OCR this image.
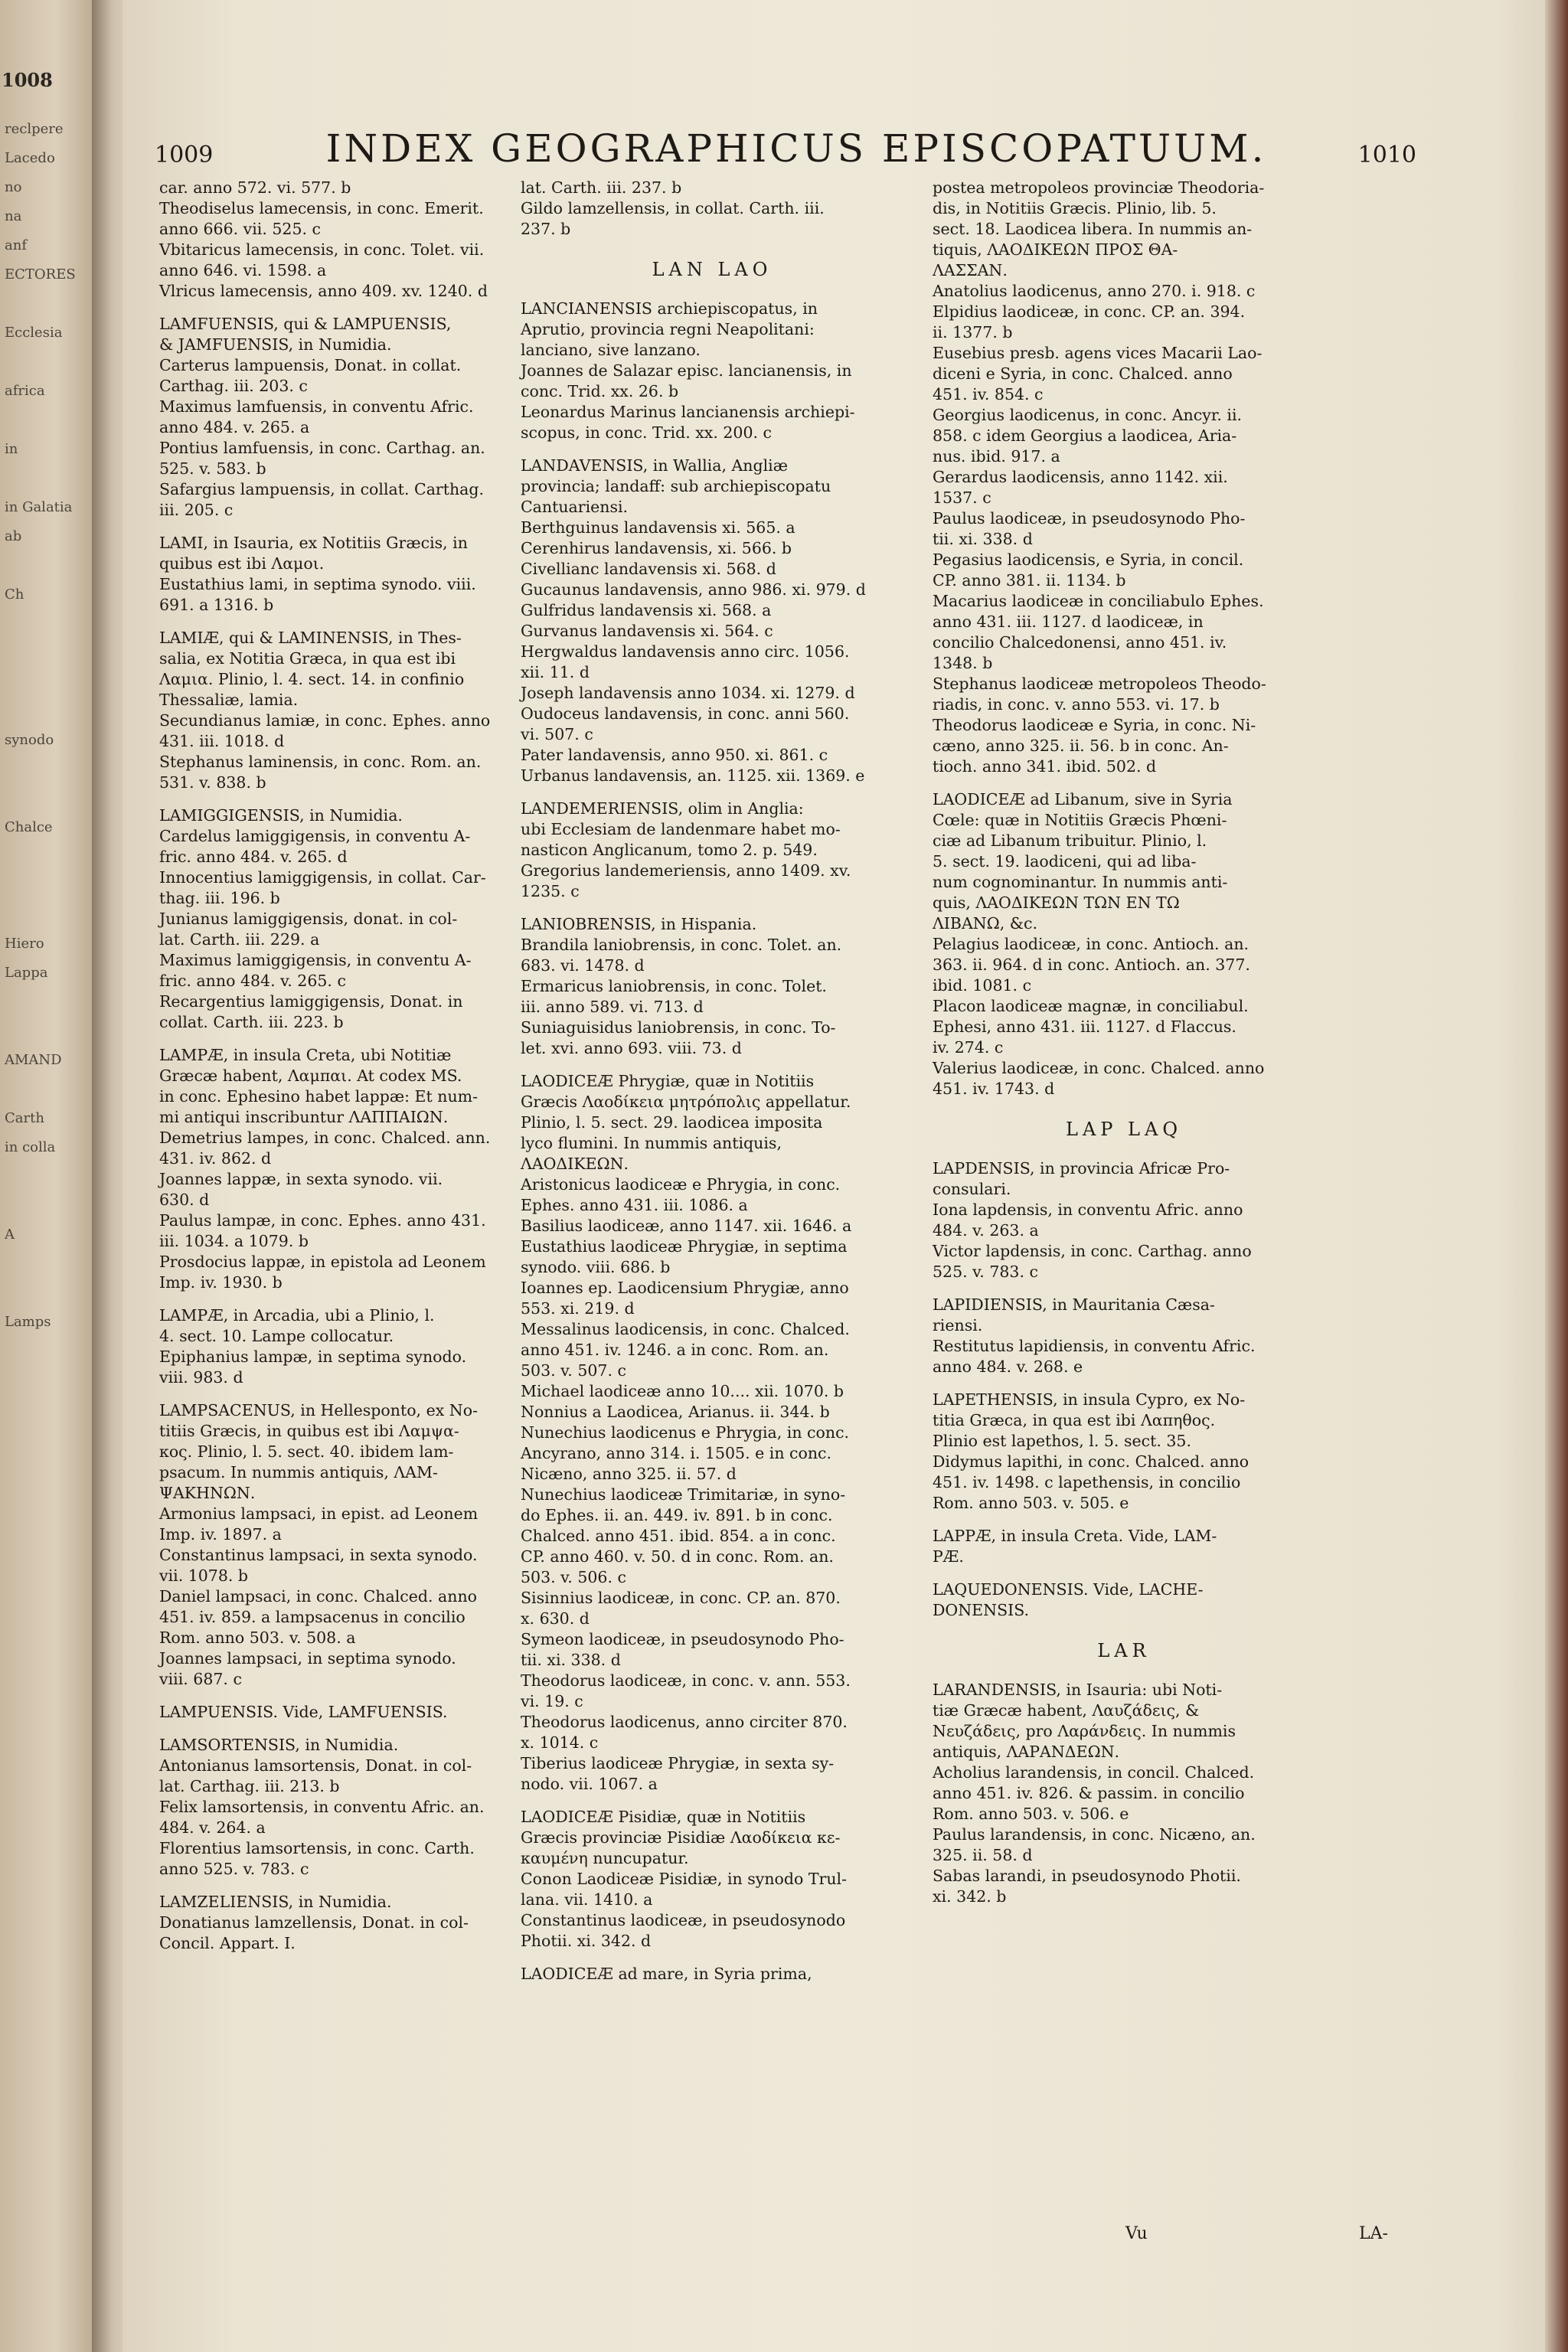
1008
reclpere
Lacedo
no
na
anf
ECTORES

Ecclesia

africa

in

in Galatia
ab

Ch

synodo

Chalce

Hiero
Lappa

AMAND

Carth
in colla

A

Lamps

1009	INDEX GEOGRAPHICUS EPISCOPATUUM.	1010
car. anno 572. vi. 577. b
Theodiselus lamecensis, in conc. Emerit.
anno 666. vii. 525. c
Vbitaricus lamecensis, in conc. Tolet. vii.
anno 646. vi. 1598. a
Vlricus lamecensis, anno 409. xv. 1240. d
LAMFUENSIS, qui & LAMPUENSIS,
& JAMFUENSIS, in Numidia.
Carterus lampuensis, Donat. in collat.
Carthag. iii. 203. c
Maximus lamfuensis, in conventu Afric.
anno 484. v. 265. a
Pontius lamfuensis, in conc. Carthag. an.
525. v. 583. b
Safargius lampuensis, in collat. Carthag.
iii. 205. c
LAMI, in Isauria, ex Notitiis Græcis, in
quibus est ibi Λαμοι.
Eustathius lami, in septima synodo. viii.
691. a 1316. b
LAMIÆ, qui & LAMINENSIS, in Thes-
salia, ex Notitia Græca, in qua est ibi
Λαμια. Plinio, l. 4. sect. 14. in confinio
Thessaliæ, lamia.
Secundianus lamiæ, in conc. Ephes. anno
431. iii. 1018. d
Stephanus laminensis, in conc. Rom. an.
531. v. 838. b
LAMIGGIGENSIS, in Numidia.
Cardelus lamiggigensis, in conventu A-
fric. anno 484. v. 265. d
Innocentius lamiggigensis, in collat. Car-
thag. iii. 196. b
Junianus lamiggigensis, donat. in col-
lat. Carth. iii. 229. a
Maximus lamiggigensis, in conventu A-
fric. anno 484. v. 265. c
Recargentius lamiggigensis, Donat. in
collat. Carth. iii. 223. b
LAMPÆ, in insula Creta, ubi Notitiæ
Græcæ habent, Λαμπαι. At codex MS.
in conc. Ephesino habet lappæ: Et num-
mi antiqui inscribuntur ΛΑΠΠΑΙΩΝ.
Demetrius lampes, in conc. Chalced. ann.
431. iv. 862. d
Joannes lappæ, in sexta synodo. vii.
630. d
Paulus lampæ, in conc. Ephes. anno 431.
iii. 1034. a 1079. b
Prosdocius lappæ, in epistola ad Leonem
Imp. iv. 1930. b
LAMPÆ, in Arcadia, ubi a Plinio, l.
4. sect. 10. Lampe collocatur.
Epiphanius lampæ, in septima synodo.
viii. 983. d
LAMPSACENUS, in Hellesponto, ex No-
titiis Græcis, in quibus est ibi Λαμψα-
κος. Plinio, l. 5. sect. 40. ibidem lam-
psacum. In nummis antiquis, ΛΑΜ-
ΨΑΚΗΝΩΝ.
Armonius lampsaci, in epist. ad Leonem
Imp. iv. 1897. a
Constantinus lampsaci, in sexta synodo.
vii. 1078. b
Daniel lampsaci, in conc. Chalced. anno
451. iv. 859. a lampsacenus in concilio
Rom. anno 503. v. 508. a
Joannes lampsaci, in septima synodo.
viii. 687. c
LAMPUENSIS. Vide, LAMFUENSIS.
LAMSORTENSIS, in Numidia.
Antonianus lamsortensis, Donat. in col-
lat. Carthag. iii. 213. b
Felix lamsortensis, in conventu Afric. an.
484. v. 264. a
Florentius lamsortensis, in conc. Carth.
anno 525. v. 783. c
LAMZELIENSIS, in Numidia.
Donatianus lamzellensis, Donat. in col-
Concil. Appart. I.
lat. Carth. iii. 237. b
Gildo lamzellensis, in collat. Carth. iii.
237. b
LAN LAO
LANCIANENSIS archiepiscopatus, in
Aprutio, provincia regni Neapolitani:
lanciano, sive lanzano.
Joannes de Salazar episc. lancianensis, in
conc. Trid. xx. 26. b
Leonardus Marinus lancianensis archiepi-
scopus, in conc. Trid. xx. 200. c
LANDAVENSIS, in Wallia, Angliæ
provincia; landaff: sub archiepiscopatu
Cantuariensi.
Berthguinus landavensis xi. 565. a
Cerenhirus landavensis, xi. 566. b
Civellianc landavensis xi. 568. d
Gucaunus landavensis, anno 986. xi. 979. d
Gulfridus landavensis xi. 568. a
Gurvanus landavensis xi. 564. c
Hergwaldus landavensis anno circ. 1056.
xii. 11. d
Joseph landavensis anno 1034. xi. 1279. d
Oudoceus landavensis, in conc. anni 560.
vi. 507. c
Pater landavensis, anno 950. xi. 861. c
Urbanus landavensis, an. 1125. xii. 1369. e
LANDEMERIENSIS, olim in Anglia:
ubi Ecclesiam de landenmare habet mo-
nasticon Anglicanum, tomo 2. p. 549.
Gregorius landemeriensis, anno 1409. xv.
1235. c
LANIOBRENSIS, in Hispania.
Brandila laniobrensis, in conc. Tolet. an.
683. vi. 1478. d
Ermaricus laniobrensis, in conc. Tolet.
iii. anno 589. vi. 713. d
Suniaguisidus laniobrensis, in conc. To-
let. xvi. anno 693. viii. 73. d
LAODICEÆ Phrygiæ, quæ in Notitiis
Græcis Λαοδίκεια μητρόπολις appellatur.
Plinio, l. 5. sect. 29. laodicea imposita
lyco flumini. In nummis antiquis,
ΛΑΟΔΙΚΕΩΝ.
Aristonicus laodiceæ e Phrygia, in conc.
Ephes. anno 431. iii. 1086. a
Basilius laodiceæ, anno 1147. xii. 1646. a
Eustathius laodiceæ Phrygiæ, in septima
synodo. viii. 686. b
Ioannes ep. Laodicensium Phrygiæ, anno
553. xi. 219. d
Messalinus laodicensis, in conc. Chalced.
anno 451. iv. 1246. a in conc. Rom. an.
503. v. 507. c
Michael laodiceæ anno 10.... xii. 1070. b
Nonnius a Laodicea, Arianus. ii. 344. b
Nunechius laodicenus e Phrygia, in conc.
Ancyrano, anno 314. i. 1505. e in conc.
Nicæno, anno 325. ii. 57. d
Nunechius laodiceæ Trimitariæ, in syno-
do Ephes. ii. an. 449. iv. 891. b in conc.
Chalced. anno 451. ibid. 854. a in conc.
CP. anno 460. v. 50. d in conc. Rom. an.
503. v. 506. c
Sisinnius laodiceæ, in conc. CP. an. 870.
x. 630. d
Symeon laodiceæ, in pseudosynodo Pho-
tii. xi. 338. d
Theodorus laodiceæ, in conc. v. ann. 553.
vi. 19. c
Theodorus laodicenus, anno circiter 870.
x. 1014. c
Tiberius laodiceæ Phrygiæ, in sexta sy-
nodo. vii. 1067. a
LAODICEÆ Pisidiæ, quæ in Notitiis
Græcis provinciæ Pisidiæ Λαοδίκεια κε-
καυμένη nuncupatur.
Conon Laodiceæ Pisidiæ, in synodo Trul-
lana. vii. 1410. a
Constantinus laodiceæ, in pseudosynodo
Photii. xi. 342. d
LAODICEÆ ad mare, in Syria prima,
postea metropoleos provinciæ Theodoria-
dis, in Notitiis Græcis. Plinio, lib. 5.
sect. 18. Laodicea libera. In nummis an-
tiquis, ΛΑΟΔΙΚΕΩΝ ΠΡΟΣ ΘΑ-
ΛΑΣΣΑΝ.
Anatolius laodicenus, anno 270. i. 918. c
Elpidius laodiceæ, in conc. CP. an. 394.
ii. 1377. b
Eusebius presb. agens vices Macarii Lao-
diceni e Syria, in conc. Chalced. anno
451. iv. 854. c
Georgius laodicenus, in conc. Ancyr. ii.
858. c idem Georgius a laodicea, Aria-
nus. ibid. 917. a
Gerardus laodicensis, anno 1142. xii.
1537. c
Paulus laodiceæ, in pseudosynodo Pho-
tii. xi. 338. d
Pegasius laodicensis, e Syria, in concil.
CP. anno 381. ii. 1134. b
Macarius laodiceæ in conciliabulo Ephes.
anno 431. iii. 1127. d laodiceæ, in
concilio Chalcedonensi, anno 451. iv.
1348. b
Stephanus laodiceæ metropoleos Theodo-
riadis, in conc. v. anno 553. vi. 17. b
Theodorus laodiceæ e Syria, in conc. Ni-
cæno, anno 325. ii. 56. b in conc. An-
tioch. anno 341. ibid. 502. d
LAODICEÆ ad Libanum, sive in Syria
Cœle: quæ in Notitiis Græcis Phœni-
ciæ ad Libanum tribuitur. Plinio, l.
5. sect. 19. laodiceni, qui ad liba-
num cognominantur. In nummis anti-
quis, ΛΑΟΔΙΚΕΩΝ ΤΩΝ ΕΝ ΤΩ
ΛΙΒΑΝΩ, &c.
Pelagius laodiceæ, in conc. Antioch. an.
363. ii. 964. d in conc. Antioch. an. 377.
ibid. 1081. c
Placon laodiceæ magnæ, in conciliabul.
Ephesi, anno 431. iii. 1127. d Flaccus.
iv. 274. c
Valerius laodiceæ, in conc. Chalced. anno
451. iv. 1743. d
LAP LAQ
LAPDENSIS, in provincia Africæ Pro-
consulari.
Iona lapdensis, in conventu Afric. anno
484. v. 263. a
Victor lapdensis, in conc. Carthag. anno
525. v. 783. c
LAPIDIENSIS, in Mauritania Cæsa-
riensi.
Restitutus lapidiensis, in conventu Afric.
anno 484. v. 268. e
LAPETHENSIS, in insula Cypro, ex No-
titia Græca, in qua est ibi Λαπηθος.
Plinio est lapethos, l. 5. sect. 35.
Didymus lapithi, in conc. Chalced. anno
451. iv. 1498. c lapethensis, in concilio
Rom. anno 503. v. 505. e
LAPPÆ, in insula Creta. Vide, LAM-
PÆ.
LAQUEDONENSIS. Vide, LACHE-
DONENSIS.
LAR
LARANDENSIS, in Isauria: ubi Noti-
tiæ Græcæ habent, Λαυζάδεις, &
Νευζάδεις, pro Λαράνδεις. In nummis
antiquis, ΛΑΡΑΝΔΕΩΝ.
Acholius larandensis, in concil. Chalced.
anno 451. iv. 826. & passim. in concilio
Rom. anno 503. v. 506. e
Paulus larandensis, in conc. Nicæno, an.
325. ii. 58. d
Sabas larandi, in pseudosynodo Photii.
xi. 342. b
Vu	LA-
